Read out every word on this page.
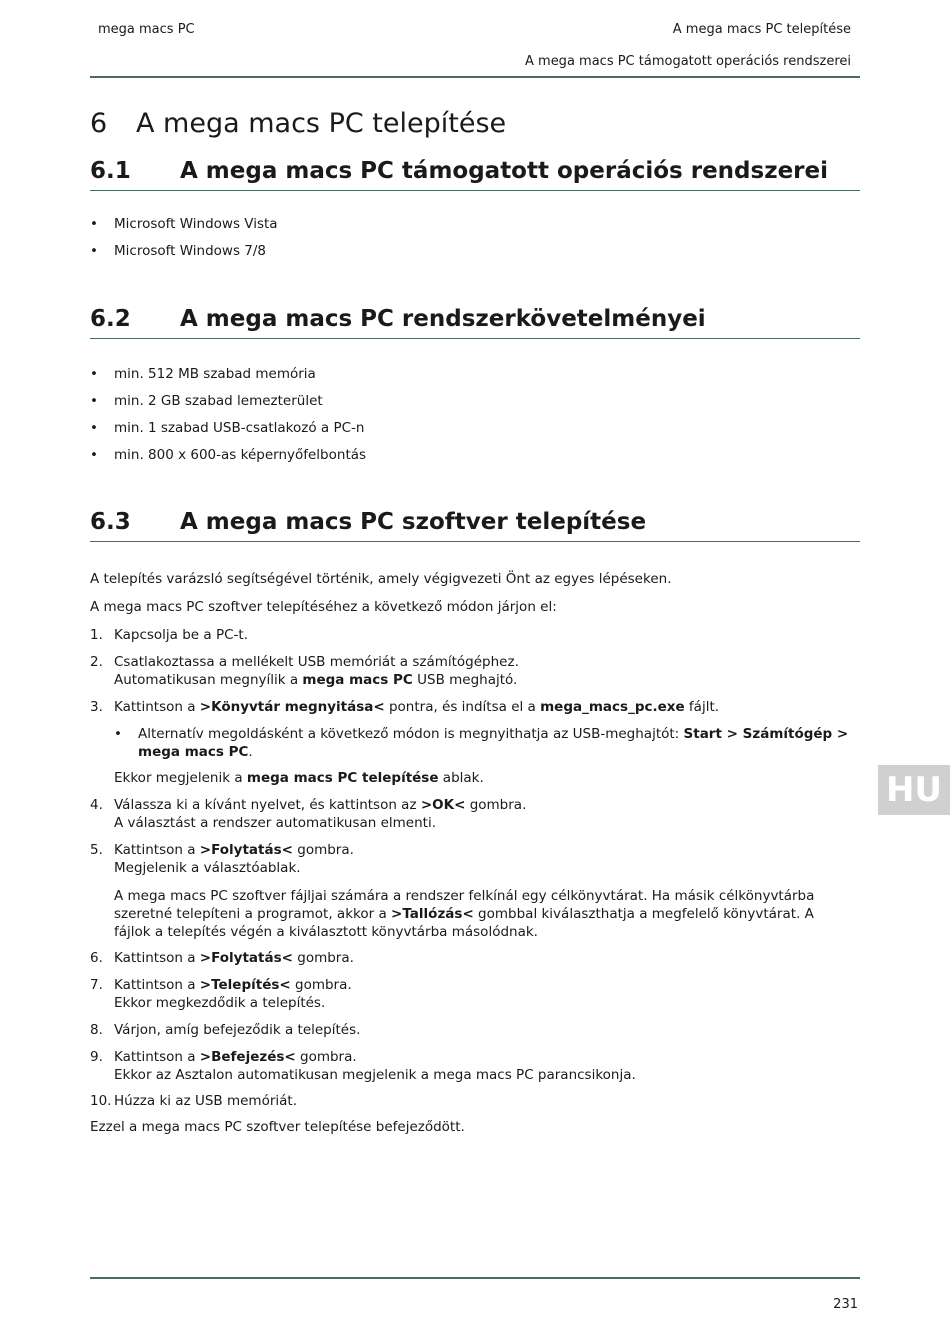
mega macs PC	A mega macs PC telepítése
A mega macs PC támogatott operációs rendszerei
6 A mega macs PC telepítése
6.1 A mega macs PC támogatott operációs rendszerei
• Microsoft Windows Vista
• Microsoft Windows 7/8
6.2 A mega macs PC rendszerkövetelményei
• min. 512 MB szabad memória
• min. 2 GB szabad lemezterület
• min. 1 szabad USB-csatlakozó a PC-n
• min. 800 x 600-as képernyőfelbontás
6.3 A mega macs PC szoftver telepítése
A telepítés varázsló segítségével történik, amely végigvezeti Önt az egyes lépéseken.
A mega macs PC szoftver telepítéséhez a következő módon járjon el:
1. Kapcsolja be a PC-t.
2. Csatlakoztassa a mellékelt USB memóriát a számítógéphez.
Automatikusan megnyílik a mega macs PC USB meghajtó.
3. Kattintson a >Könyvtár megnyitása< pontra, és indítsa el a mega_macs_pc.exe fájlt.
• Alternatív megoldásként a következő módon is megnyithatja az USB-meghajtót: Start > Számítógép > mega macs PC.
Ekkor megjelenik a mega macs PC telepítése ablak.
4. Válassza ki a kívánt nyelvet, és kattintson az >OK< gombra.
A választást a rendszer automatikusan elmenti.
5. Kattintson a >Folytatás< gombra.
Megjelenik a választóablak.
A mega macs PC szoftver fájljai számára a rendszer felkínál egy célkönyvtárat. Ha másik célkönyvtárba szeretné telepíteni a programot, akkor a >Tallózás< gombbal kiválaszthatja a megfelelő könyvtárat. A fájlok a telepítés végén a kiválasztott könyvtárba másolódnak.
6. Kattintson a >Folytatás< gombra.
7. Kattintson a >Telepítés< gombra.
Ekkor megkezdődik a telepítés.
8. Várjon, amíg befejeződik a telepítés.
9. Kattintson a >Befejezés< gombra.
Ekkor az Asztalon automatikusan megjelenik a mega macs PC parancsikonja.
10. Húzza ki az USB memóriát.
Ezzel a mega macs PC szoftver telepítése befejeződött.
HU
231
